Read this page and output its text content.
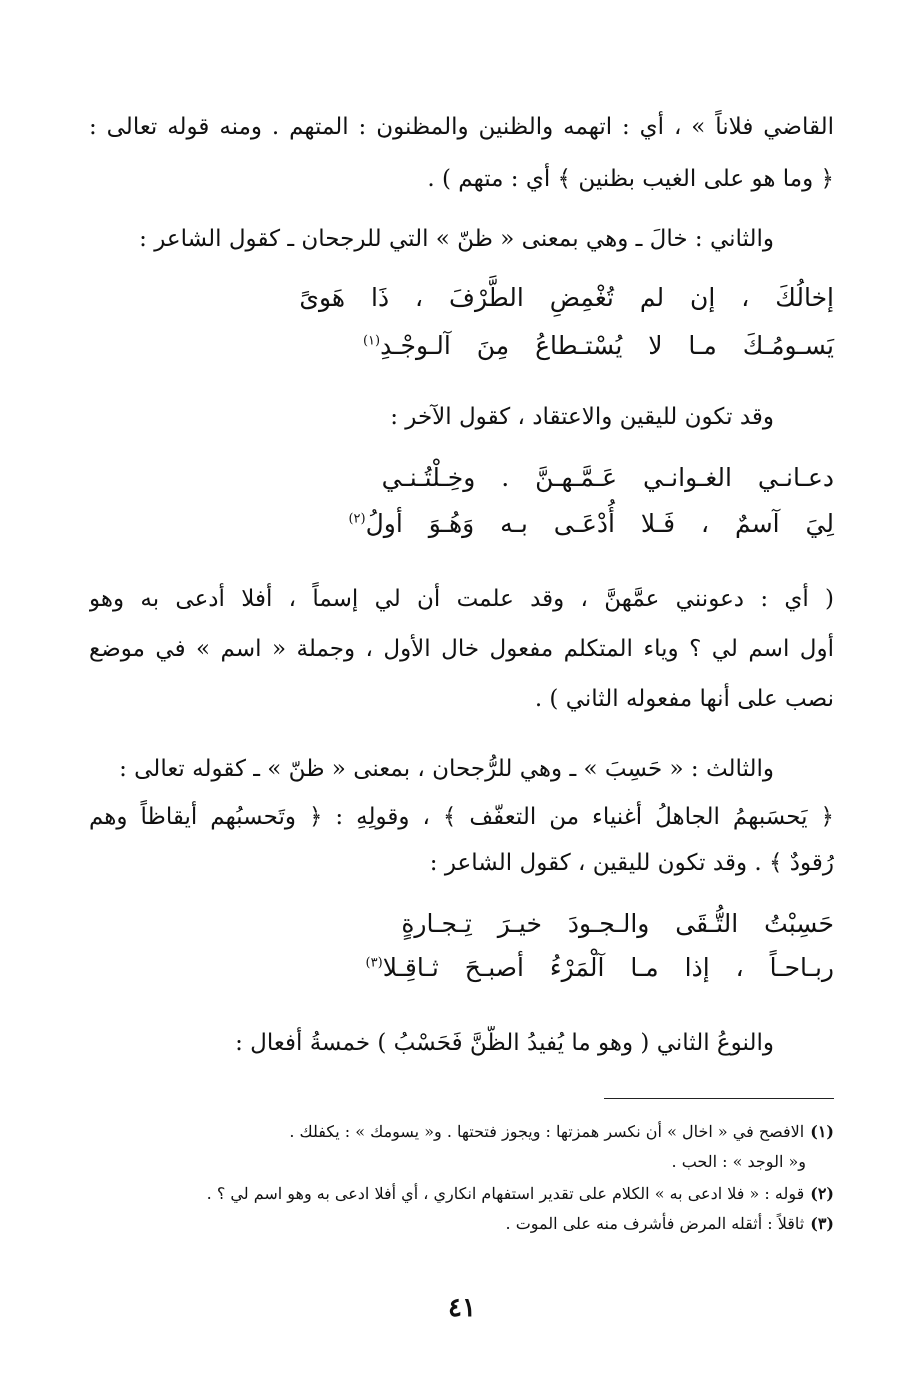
القاضي فلاناً » ، أي : اتهمه والظنين والمظنون : المتهم . ومنه قوله تعالى :
﴿ وما هو على الغيب بظنين ﴾ أي : متهم ) .
والثاني : خالَ ـ وهي بمعنى « ظنّ » التي للرجحان ـ كقول الشاعر :
إخالُكَ ، إن لم تُغْمِضِ الطَّرْفَ ، ذَا هَوىً
يَسـومُـكَ مـا لا يُسْتـطاعُ مِنَ آلـوجْـدِ$^{(١)}$
وقد تكون لليقين والاعتقاد ، كقول الآخر :
دعـانـي الغـوانـي عَـمَّـهـنَّ . وخِـلْتُـنـي
لِيَ آسمٌ ، فَـلا أُدْعَـى بـه وَهُـوَ أولُ$^{(٢)}$
( أي : دعونني عمَّهنَّ ، وقد علمت أن لي إسماً ، أفلا أدعى به وهو
أول اسم لي ؟ وياء المتكلم مفعول خال الأول ، وجملة « اسم » في موضع
نصب على أنها مفعوله الثاني ) .
والثالث : « حَسِبَ » ـ وهي للرُّجحان ، بمعنى « ظنّ » ـ كقوله تعالى :
﴿ يَحسَبهمُ الجاهلُ أغنياء من التعفّف ﴾ ، وقولِهِ : ﴿ وتَحسبُهم أيقاظاً وهم
رُقودٌ ﴾ . وقد تكون لليقين ، كقول الشاعر :
حَسِبْتُ التُّـقَى والـجـودَ خيـرَ تِـجـارةٍ
ربـاحـاً ، إذا مـا آلْمَرْءُ أصبـحَ ثـاقِـلا$^{(٣)}$
والنوعُ الثاني ( وهو ما يُفيدُ الظَّنَّ فَحَسْبُ ) خمسةُ أفعال :
(١)الافصح في « اخال » أن نكسر همزتها : ويجوز فتحتها . و« يسومك » : يكفلك .
و« الوجد » : الحب .
(٢)قوله : « فلا ادعى به » الكلام على تقدير استفهام انكاري ، أي أفلا ادعى به وهو اسم لي ؟ .
(٣)ثاقلاً : أثقله المرض فأشرف منه على الموت .
٤١
